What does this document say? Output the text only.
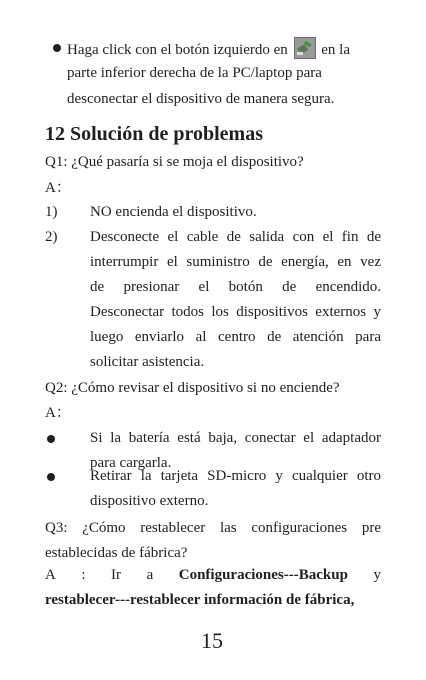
Haga click con el botón izquierdo en en la
parte inferior derecha de la PC/laptop para
desconectar el dispositivo de manera segura.
12 Solución de problemas
Q1: ¿Qué pasaría si se moja el dispositivo?
A：
1) NO encienda el dispositivo.
2) Desconecte el cable de salida con el fin de
interrumpir el suministro de energía, en vez
de presionar el botón de encendido.
Desconectar todos los dispositivos externos y
luego enviarlo al centro de atención para
solicitar asistencia.
Q2: ¿Cómo revisar el dispositivo si no enciende?
A：
Si la batería está baja, conectar el adaptador
para cargarla.
Retirar la tarjeta SD-micro y cualquier otro
dispositivo externo.
Q3: ¿Cómo restablecer las configuraciones pre
establecidas de fábrica?
A : Ir a Configuraciones---Backup y
restablecer---restablecer información de fábrica,
15
